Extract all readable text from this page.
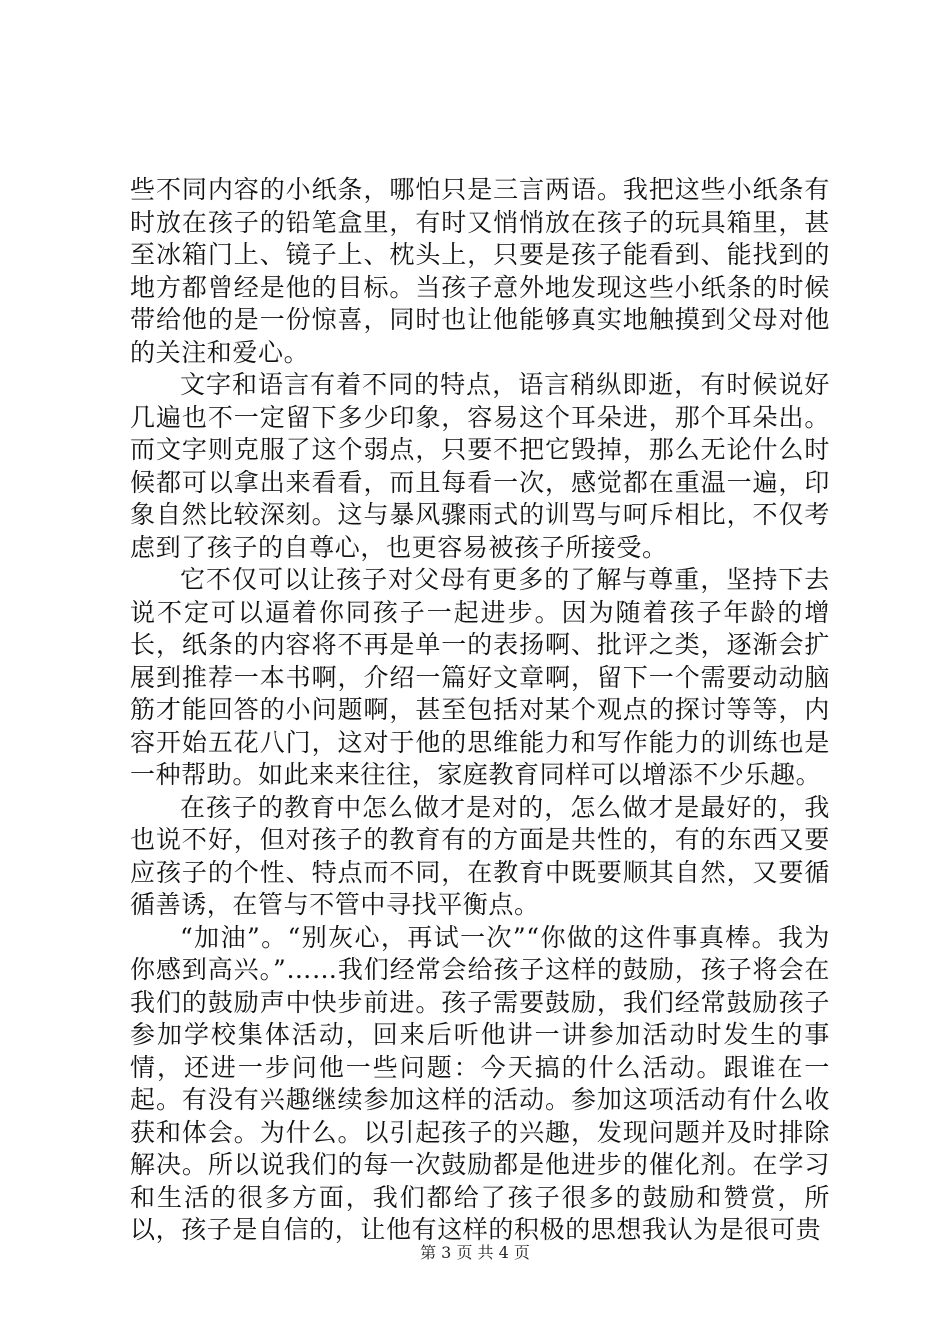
些不同内容的小纸条，哪怕只是三言两语。我把这些小纸条有时放在孩子的铅笔盒里，有时又悄悄放在孩子的玩具箱里，甚至冰箱门上、镜子上、枕头上，只要是孩子能看到、能找到的地方都曾经是他的目标。当孩子意外地发现这些小纸条的时候带给他的是一份惊喜，同时也让他能够真实地触摸到父母对他的关注和爱心。

文字和语言有着不同的特点，语言稍纵即逝，有时候说好几遍也不一定留下多少印象，容易这个耳朵进，那个耳朵出。而文字则克服了这个弱点，只要不把它毁掉，那么无论什么时候都可以拿出来看看，而且每看一次，感觉都在重温一遍，印象自然比较深刻。这与暴风骤雨式的训骂与呵斥相比，不仅考虑到了孩子的自尊心，也更容易被孩子所接受。

它不仅可以让孩子对父母有更多的了解与尊重，坚持下去说不定可以逼着你同孩子一起进步。因为随着孩子年龄的增长，纸条的内容将不再是单一的表扬啊、批评之类，逐渐会扩展到推荐一本书啊，介绍一篇好文章啊，留下一个需要动动脑筋才能回答的小问题啊，甚至包括对某个观点的探讨等等，内容开始五花八门，这对于他的思维能力和写作能力的训练也是一种帮助。如此来来往往，家庭教育同样可以增添不少乐趣。

在孩子的教育中怎么做才是对的，怎么做才是最好的，我也说不好，但对孩子的教育有的方面是共性的，有的东西又要应孩子的个性、特点而不同，在教育中既要顺其自然，又要循循善诱，在管与不管中寻找平衡点。

“加油”。“别灰心，再试一次”“你做的这件事真棒。我为你感到高兴。”……我们经常会给孩子这样的鼓励，孩子将会在我们的鼓励声中快步前进。孩子需要鼓励，我们经常鼓励孩子参加学校集体活动，回来后听他讲一讲参加活动时发生的事情，还进一步问他一些问题：今天搞的什么活动。跟谁在一起。有没有兴趣继续参加这样的活动。参加这项活动有什么收获和体会。为什么。以引起孩子的兴趣，发现问题并及时排除解决。所以说我们的每一次鼓励都是他进步的催化剂。在学习和生活的很多方面，我们都给了孩子很多的鼓励和赞赏，所以，孩子是自信的，让他有这样的积极的思想我认为是很可贵

第 3 页 共 4 页
